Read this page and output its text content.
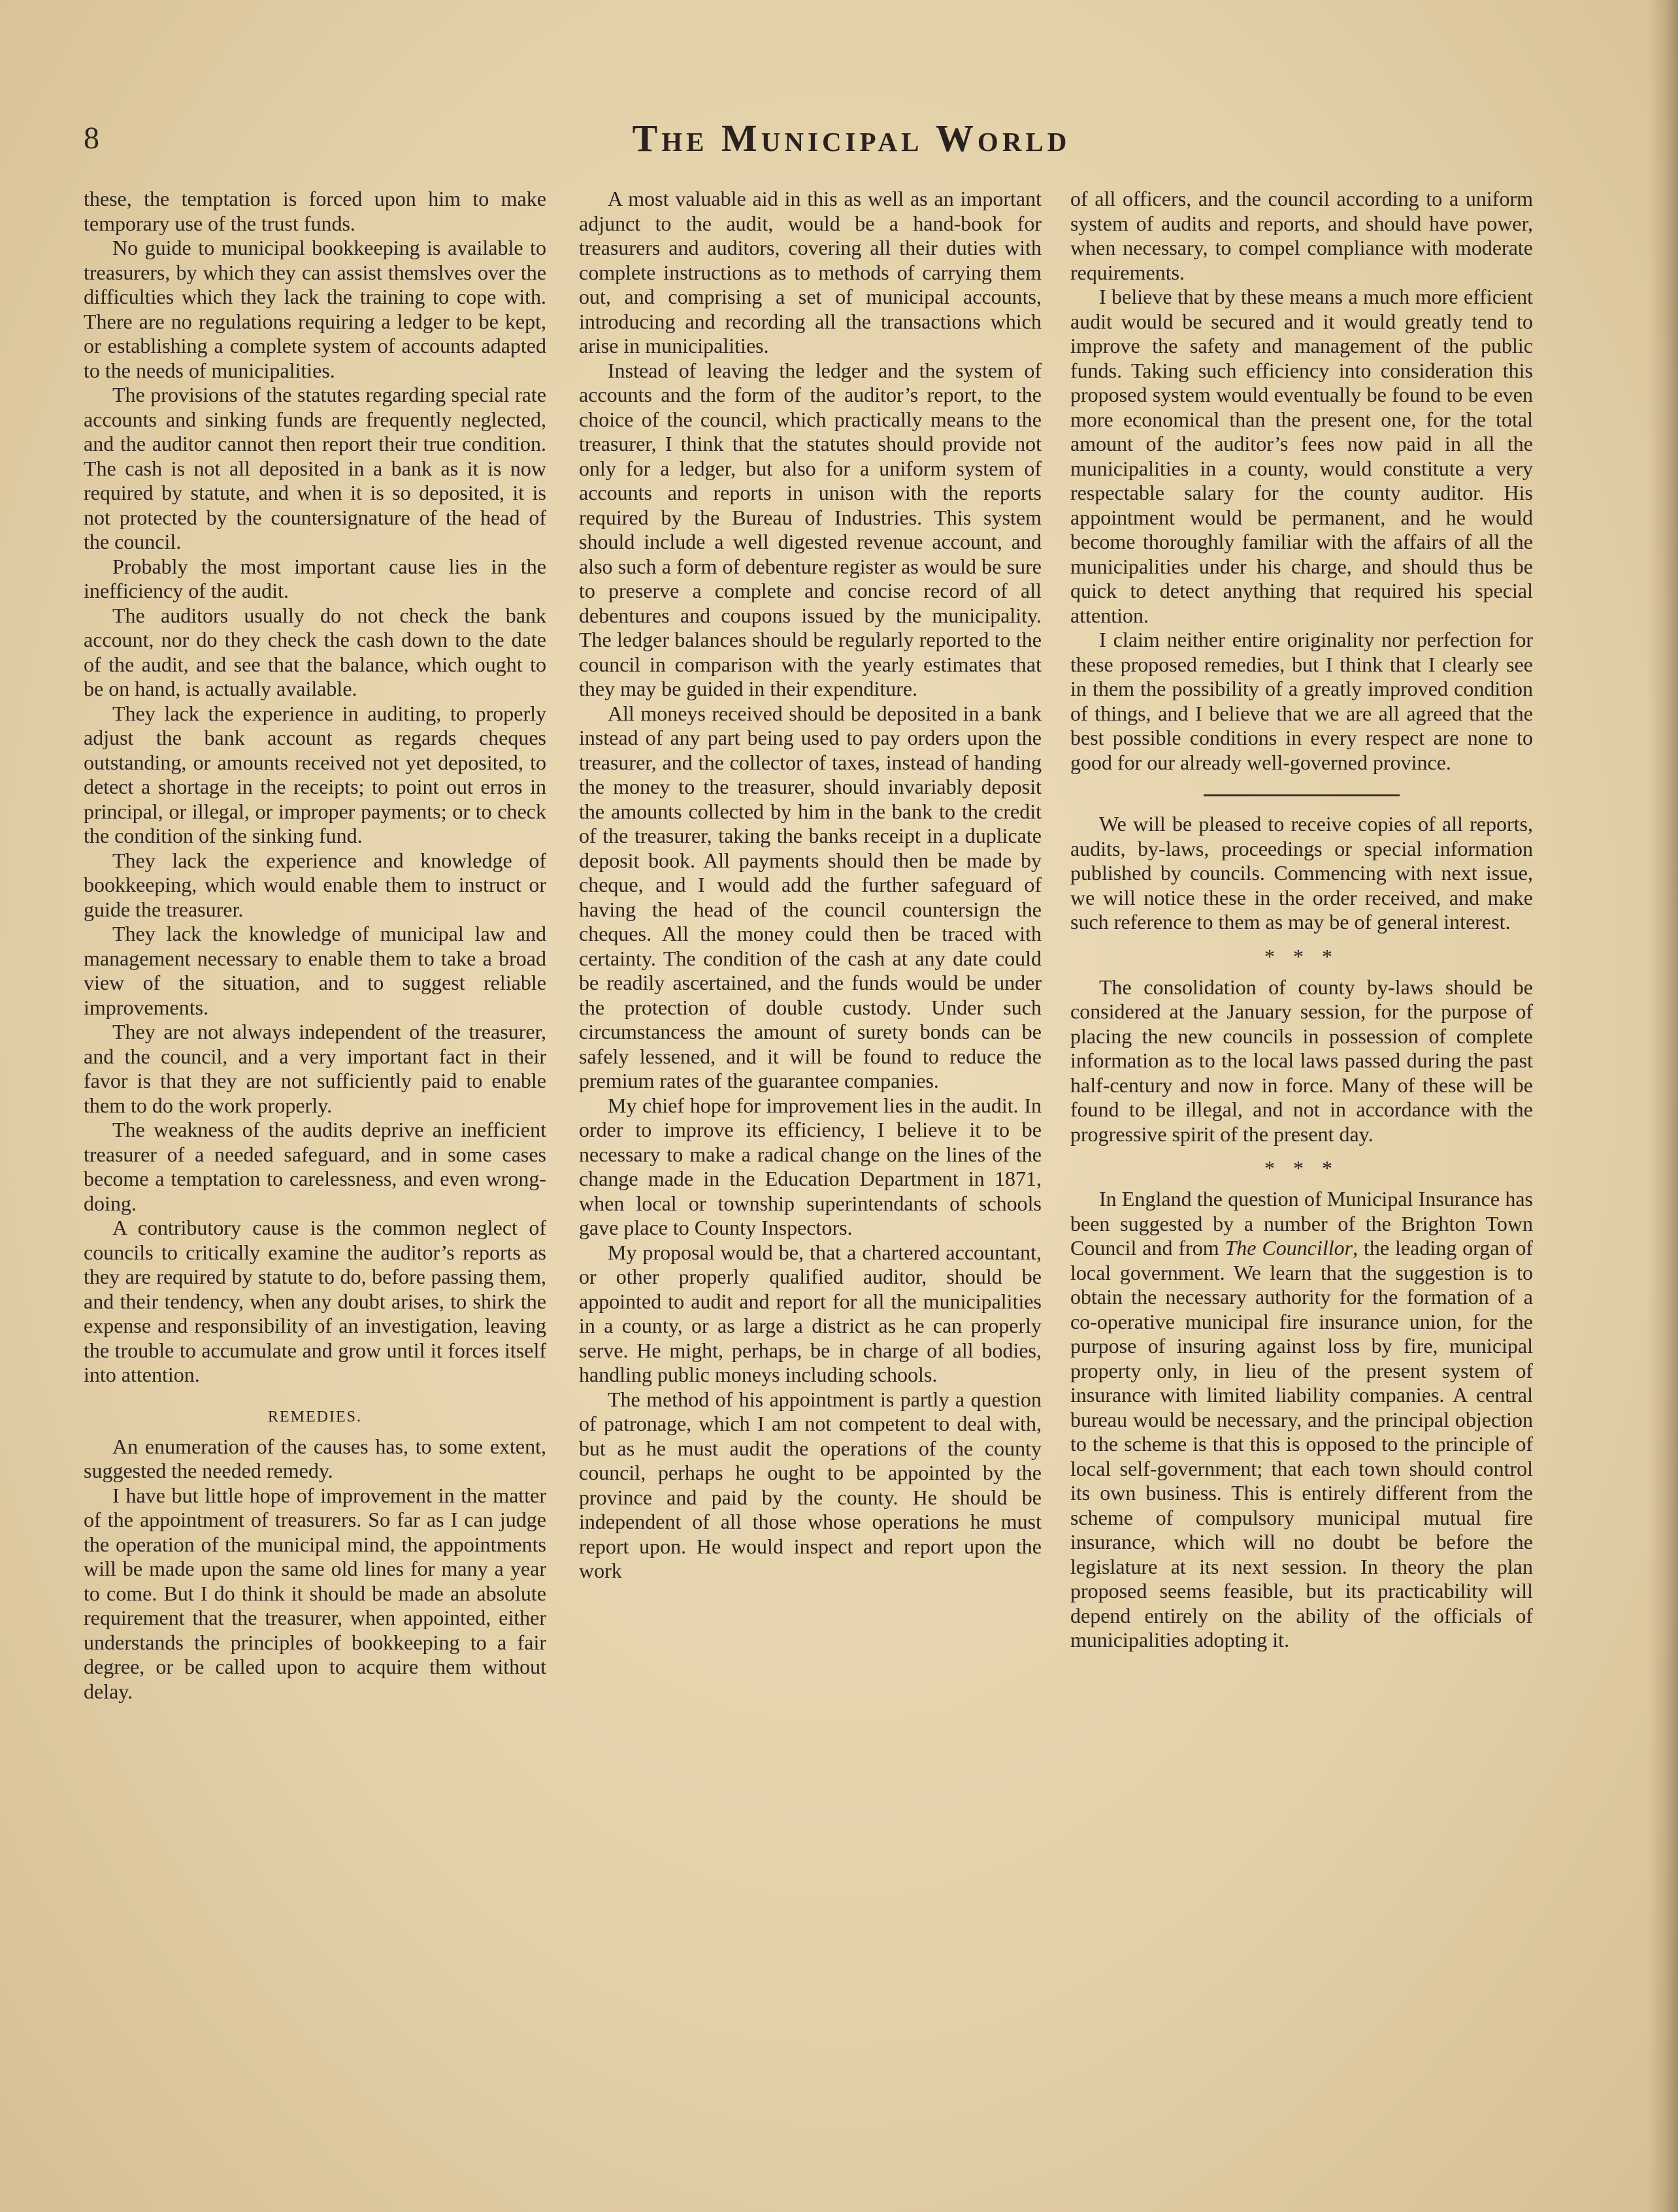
8	The Municipal World

these, the temptation is forced upon him to make temporary use of the trust funds.

No guide to municipal bookkeeping is available to treasurers, by which they can assist themslves over the difficulties which they lack the training to cope with. There are no regulations requiring a ledger to be kept, or establishing a complete system of accounts adapted to the needs of municipalities.

The provisions of the statutes regarding special rate accounts and sinking funds are frequently neglected, and the auditor cannot then report their true condition. The cash is not all deposited in a bank as it is now required by statute, and when it is so deposited, it is not protected by the countersignature of the head of the council.

Probably the most important cause lies in the inefficiency of the audit.

The auditors usually do not check the bank account, nor do they check the cash down to the date of the audit, and see that the balance, which ought to be on hand, is actually available.

They lack the experience in auditing, to properly adjust the bank account as regards cheques outstanding, or amounts received not yet deposited, to detect a shortage in the receipts; to point out erros in principal, or illegal, or improper payments; or to check the condition of the sinking fund.

They lack the experience and knowledge of bookkeeping, which would enable them to instruct or guide the treasurer.

They lack the knowledge of municipal law and management necessary to enable them to take a broad view of the situation, and to suggest reliable improvements.

They are not always independent of the treasurer, and the council, and a very important fact in their favor is that they are not sufficiently paid to enable them to do the work properly.

The weakness of the audits deprive an inefficient treasurer of a needed safeguard, and in some cases become a temptation to carelessness, and even wrong-doing.

A contributory cause is the common neglect of councils to critically examine the auditor’s reports as they are required by statute to do, before passing them, and their tendency, when any doubt arises, to shirk the expense and responsibility of an investigation, leaving the trouble to accumulate and grow until it forces itself into attention.

REMEDIES.

An enumeration of the causes has, to some extent, suggested the needed remedy.

I have but little hope of improvement in the matter of the appointment of treasurers. So far as I can judge the operation of the municipal mind, the appointments will be made upon the same old lines for many a year to come. But I do think it should be made an absolute requirement that the treasurer, when appointed, either understands the principles of bookkeeping to a fair degree, or be called upon to acquire them without delay.

A most valuable aid in this as well as an important adjunct to the audit, would be a hand-book for treasurers and auditors, covering all their duties with complete instructions as to methods of carrying them out, and comprising a set of municipal accounts, introducing and recording all the transactions which arise in municipalities.

Instead of leaving the ledger and the system of accounts and the form of the auditor’s report, to the choice of the council, which practically means to the treasurer, I think that the statutes should provide not only for a ledger, but also for a uniform system of accounts and reports in unison with the reports required by the Bureau of Industries. This system should include a well digested revenue account, and also such a form of debenture register as would be sure to preserve a complete and concise record of all debentures and coupons issued by the municipality. The ledger balances should be regularly reported to the council in comparison with the yearly estimates that they may be guided in their expenditure.

All moneys received should be deposited in a bank instead of any part being used to pay orders upon the treasurer, and the collector of taxes, instead of handing the money to the treasurer, should invariably deposit the amounts collected by him in the bank to the credit of the treasurer, taking the banks receipt in a duplicate deposit book. All payments should then be made by cheque, and I would add the further safeguard of having the head of the council countersign the cheques. All the money could then be traced with certainty. The condition of the cash at any date could be readily ascertained, and the funds would be under the protection of double custody. Under such circumstancess the amount of surety bonds can be safely lessened, and it will be found to reduce the premium rates of the guarantee companies.

My chief hope for improvement lies in the audit. In order to improve its efficiency, I believe it to be necessary to make a radical change on the lines of the change made in the Education Department in 1871, when local or township superintendants of schools gave place to County Inspectors.

My proposal would be, that a chartered accountant, or other properly qualified auditor, should be appointed to audit and report for all the municipalities in a county, or as large a district as he can properly serve. He might, perhaps, be in charge of all bodies, handling public moneys including schools.

The method of his appointment is partly a question of patronage, which I am not competent to deal with, but as he must audit the operations of the county council, perhaps he ought to be appointed by the province and paid by the county. He should be independent of all those whose operations he must report upon. He would inspect and report upon the work

of all officers, and the council according to a uniform system of audits and reports, and should have power, when necessary, to compel compliance with moderate requirements.

I believe that by these means a much more efficient audit would be secured and it would greatly tend to improve the safety and management of the public funds. Taking such efficiency into consideration this proposed system would eventually be found to be even more economical than the present one, for the total amount of the auditor’s fees now paid in all the municipalities in a county, would constitute a very respectable salary for the county auditor. His appointment would be permanent, and he would become thoroughly familiar with the affairs of all the municipalities under his charge, and should thus be quick to detect anything that required his special attention.

I claim neither entire originality nor perfection for these proposed remedies, but I think that I clearly see in them the possibility of a greatly improved condition of things, and I believe that we are all agreed that the best possible conditions in every respect are none to good for our already well-governed province.

We will be pleased to receive copies of all reports, audits, by-laws, proceedings or special information published by councils. Commencing with next issue, we will notice these in the order received, and make such reference to them as may be of general interest.

* * *

The consolidation of county by-laws should be considered at the January session, for the purpose of placing the new councils in possession of complete information as to the local laws passed during the past half-century and now in force. Many of these will be found to be illegal, and not in accordance with the progressive spirit of the present day.

* * *

In England the question of Municipal Insurance has been suggested by a number of the Brighton Town Council and from The Councillor, the leading organ of local government. We learn that the suggestion is to obtain the necessary authority for the formation of a co-operative municipal fire insurance union, for the purpose of insuring against loss by fire, municipal property only, in lieu of the present system of insurance with limited liability companies. A central bureau would be necessary, and the principal objection to the scheme is that this is opposed to the principle of local self-government; that each town should control its own business. This is entirely different from the scheme of compulsory municipal mutual fire insurance, which will no doubt be before the legislature at its next session. In theory the plan proposed seems feasible, but its practicability will depend entirely on the ability of the officials of municipalities adopting it.
